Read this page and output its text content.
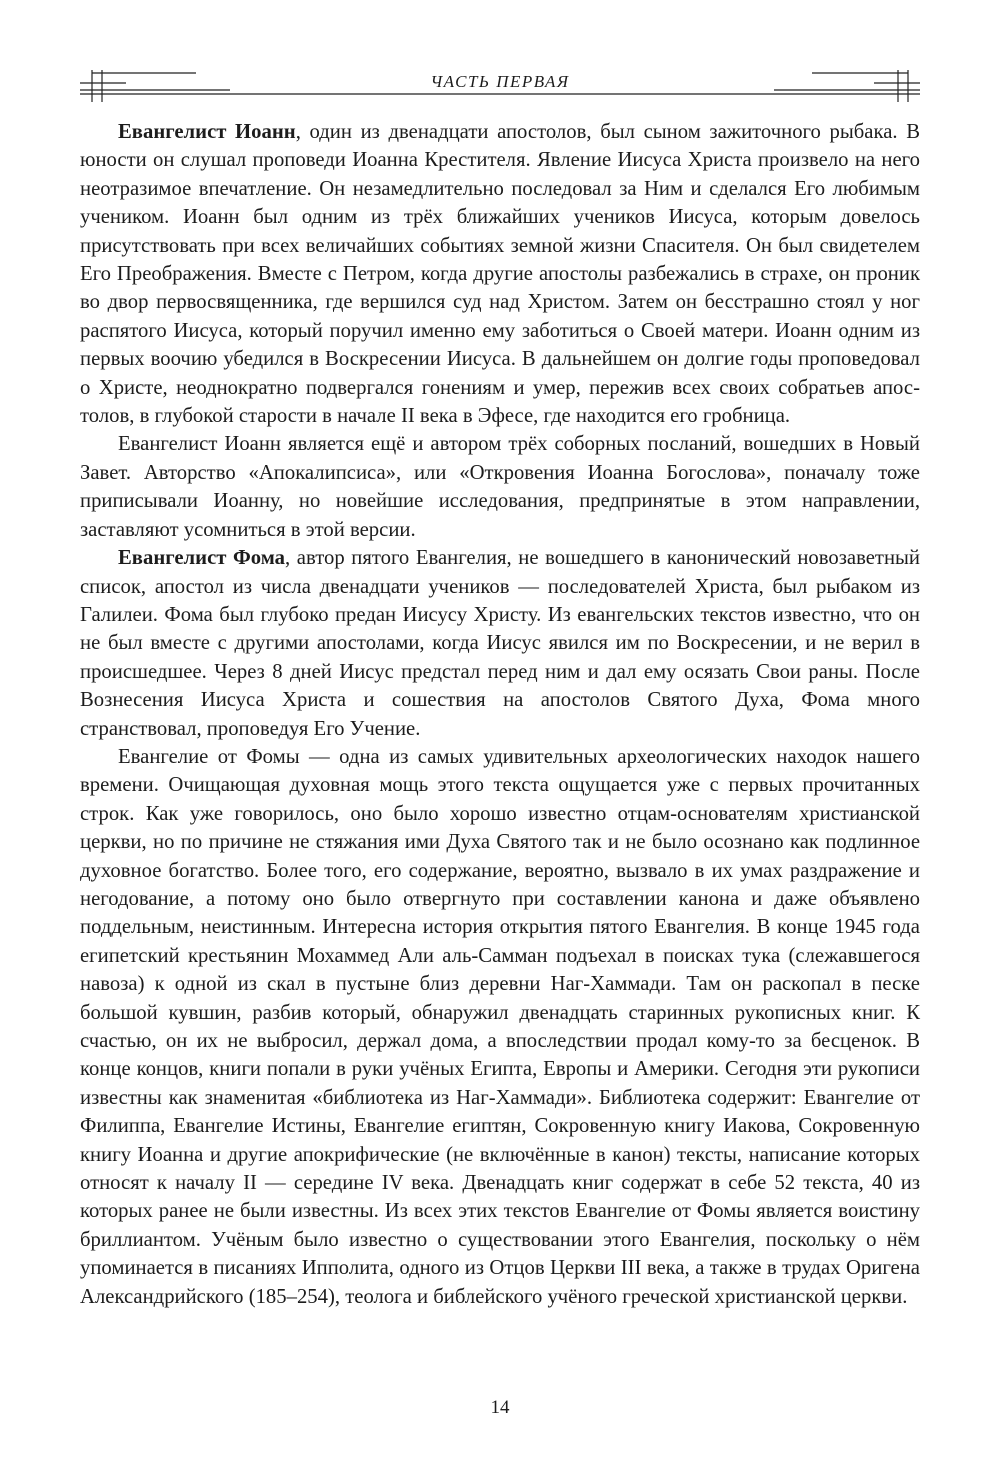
ЧАСТЬ ПЕРВАЯ

Евангелист Иоанн, один из двенадцати апостолов, был сыном зажиточного рыбака. В юности он слушал проповеди Иоанна Крестителя. Явление Иисуса Христа произвело на него неотразимое впечатление. Он незамедлительно последовал за Ним и сделался Его любимым учеником. Иоанн был одним из трёх ближайших учеников Иисуса, которым довелось присутствовать при всех величайших событиях земной жизни Спасителя. Он был свидетелем Его Преображения. Вместе с Петром, когда другие апостолы разбежались в страхе, он проник во двор первосвященника, где вершился суд над Христом. Затем он бесстрашно стоял у ног распятого Иисуса, который поручил именно ему заботиться о Своей матери. Иоанн одним из первых воочию убедился в Воскресении Иисуса. В дальнейшем он долгие годы проповедовал о Христе, неоднократно подвергался гонениям и умер, пережив всех своих собратьев апостолов, в глубокой старости в начале II века в Эфесе, где находится его гробница.

Евангелист Иоанн является ещё и автором трёх соборных посланий, вошедших в Новый Завет. Авторство «Апокалипсиса», или «Откровения Иоанна Богослова», поначалу тоже приписывали Иоанну, но новейшие исследования, предпринятые в этом направлении, заставляют усомниться в этой версии.

Евангелист Фома, автор пятого Евангелия, не вошедшего в канонический новозаветный список, апостол из числа двенадцати учеников — последователей Христа, был рыбаком из Галилеи. Фома был глубоко предан Иисусу Христу. Из евангельских текстов известно, что он не был вместе с другими апостолами, когда Иисус явился им по Воскресении, и не верил в происшедшее. Через 8 дней Иисус предстал перед ним и дал ему осязать Свои раны. После Вознесения Иисуса Христа и сошествия на апостолов Святого Духа, Фома много странствовал, проповедуя Его Учение.

Евангелие от Фомы — одна из самых удивительных археологических находок нашего времени. Очищающая духовная мощь этого текста ощущается уже с первых прочитанных строк. Как уже говорилось, оно было хорошо известно отцам-основателям христианской церкви, но по причине не стяжания ими Духа Святого так и не было осознано как подлинное духовное богатство. Более того, его содержание, вероятно, вызвало в их умах раздражение и негодование, а потому оно было отвергнуто при составлении канона и даже объявлено поддельным, неистинным. Интересна история открытия пятого Евангелия. В конце 1945 года египетский крестьянин Мохаммед Али аль-Самман подъехал в поисках тука (слежавшегося навоза) к одной из скал в пустыне близ деревни Наг-Хаммади. Там он раскопал в песке большой кувшин, разбив который, обнаружил двенадцать старинных рукописных книг. К счастью, он их не выбросил, держал дома, а впоследствии продал кому-то за бесценок. В конце концов, книги попали в руки учёных Египта, Европы и Америки. Сегодня эти рукописи известны как знаменитая «библиотека из Наг-Хаммади». Библиотека содержит: Евангелие от Филиппа, Евангелие Истины, Евангелие египтян, Сокровенную книгу Иакова, Сокровенную книгу Иоанна и другие апокрифические (не включённые в канон) тексты, написание которых относят к началу II — середине IV века. Двенадцать книг содержат в себе 52 текста, 40 из которых ранее не были известны. Из всех этих текстов Евангелие от Фомы является воистину бриллиантом. Учёным было известно о существовании этого Евангелия, поскольку о нём упоминается в писаниях Ипполита, одного из Отцов Церкви III века, а также в трудах Оригена Александрийского (185–254), теолога и библейского учёного греческой христианской церкви.

14
